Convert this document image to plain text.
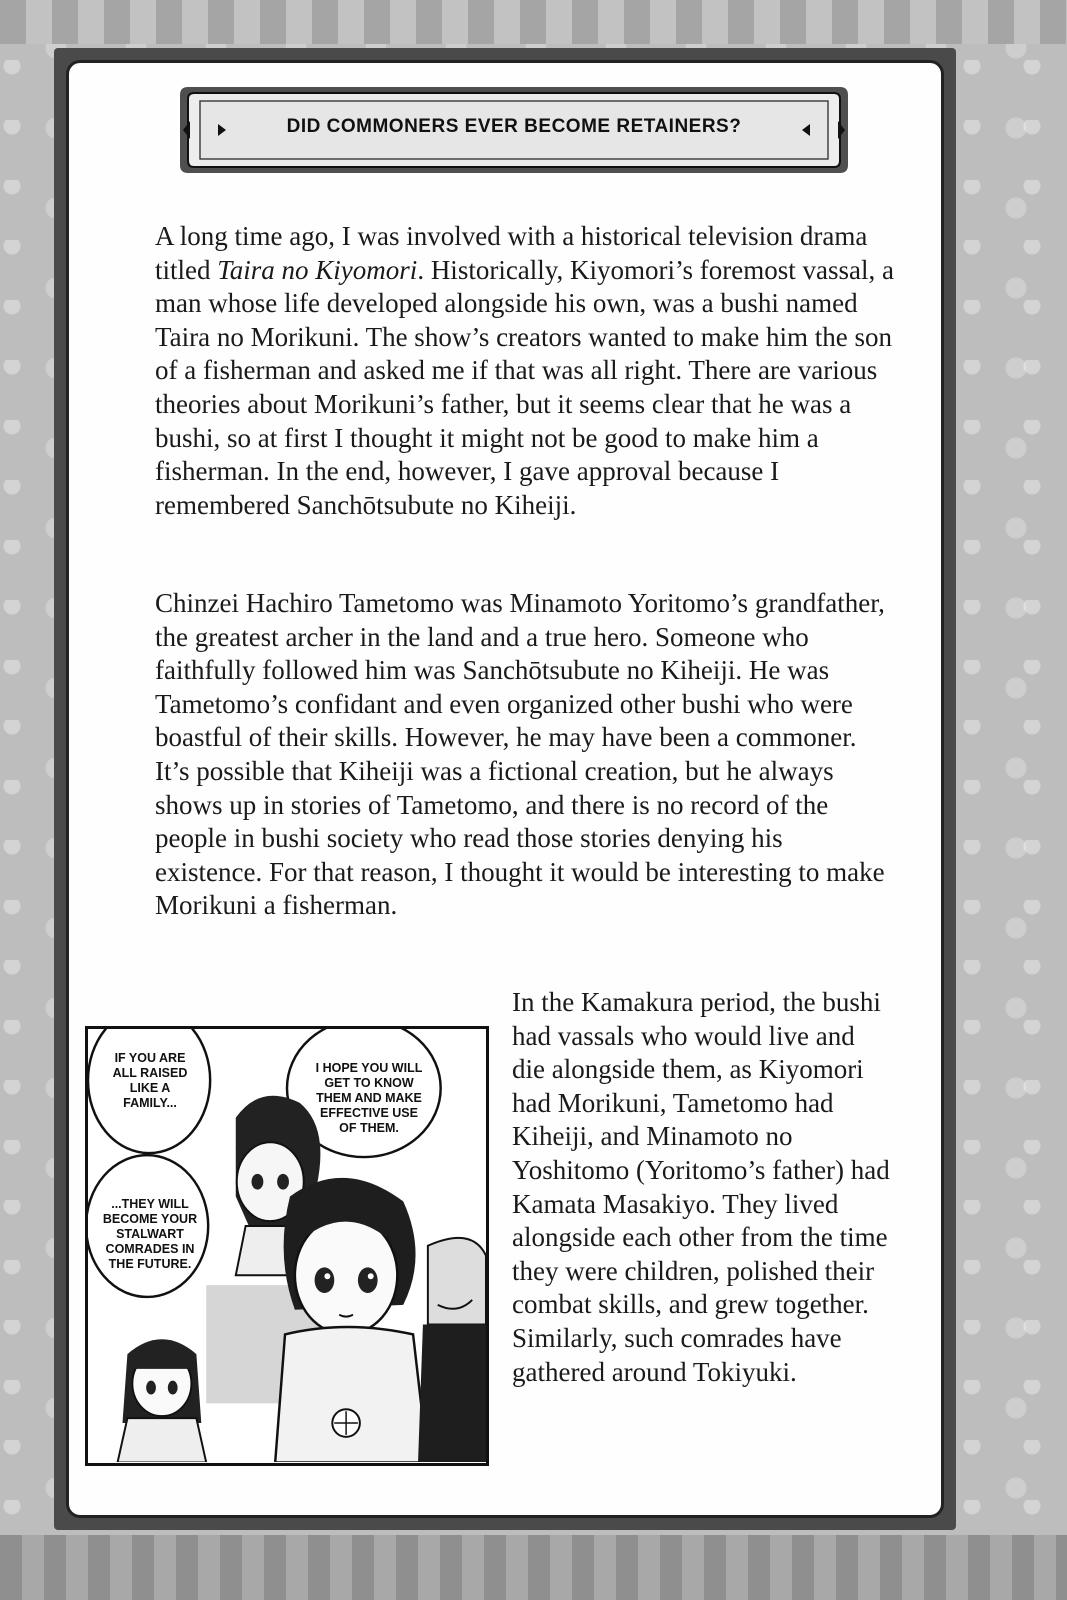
DID COMMONERS EVER BECOME RETAINERS?

A long time ago, I was involved with a historical television drama titled Taira no Kiyomori. Historically, Kiyomori’s foremost vassal, a man whose life developed alongside his own, was a bushi named Taira no Morikuni. The show’s creators wanted to make him the son of a fisherman and asked me if that was all right. There are various theories about Morikuni’s father, but it seems clear that he was a bushi, so at first I thought it might not be good to make him a fisherman. In the end, however, I gave approval because I remembered Sanchōtsubute no Kiheiji.

Chinzei Hachiro Tametomo was Minamoto Yoritomo’s grandfather, the greatest archer in the land and a true hero. Someone who faithfully followed him was Sanchōtsubute no Kiheiji. He was Tametomo’s confidant and even organized other bushi who were boastful of their skills. However, he may have been a commoner. It’s possible that Kiheiji was a fictional creation, but he always shows up in stories of Tametomo, and there is no record of the people in bushi society who read those stories denying his existence. For that reason, I thought it would be interesting to make Morikuni a fisherman.

In the Kamakura period, the bushi had vassals who would live and die alongside them, as Kiyomori had Morikuni, Tametomo had Kiheiji, and Minamoto no Yoshitomo (Yoritomo’s father) had Kamata Masakiyo. They lived alongside each other from the time they were children, polished their combat skills, and grew together. Similarly, such comrades have gathered around Tokiyuki.

IF YOU ARE ALL RAISED LIKE A FAMILY...
I HOPE YOU WILL GET TO KNOW THEM AND MAKE EFFECTIVE USE OF THEM.
...THEY WILL BECOME YOUR STALWART COMRADES IN THE FUTURE.
